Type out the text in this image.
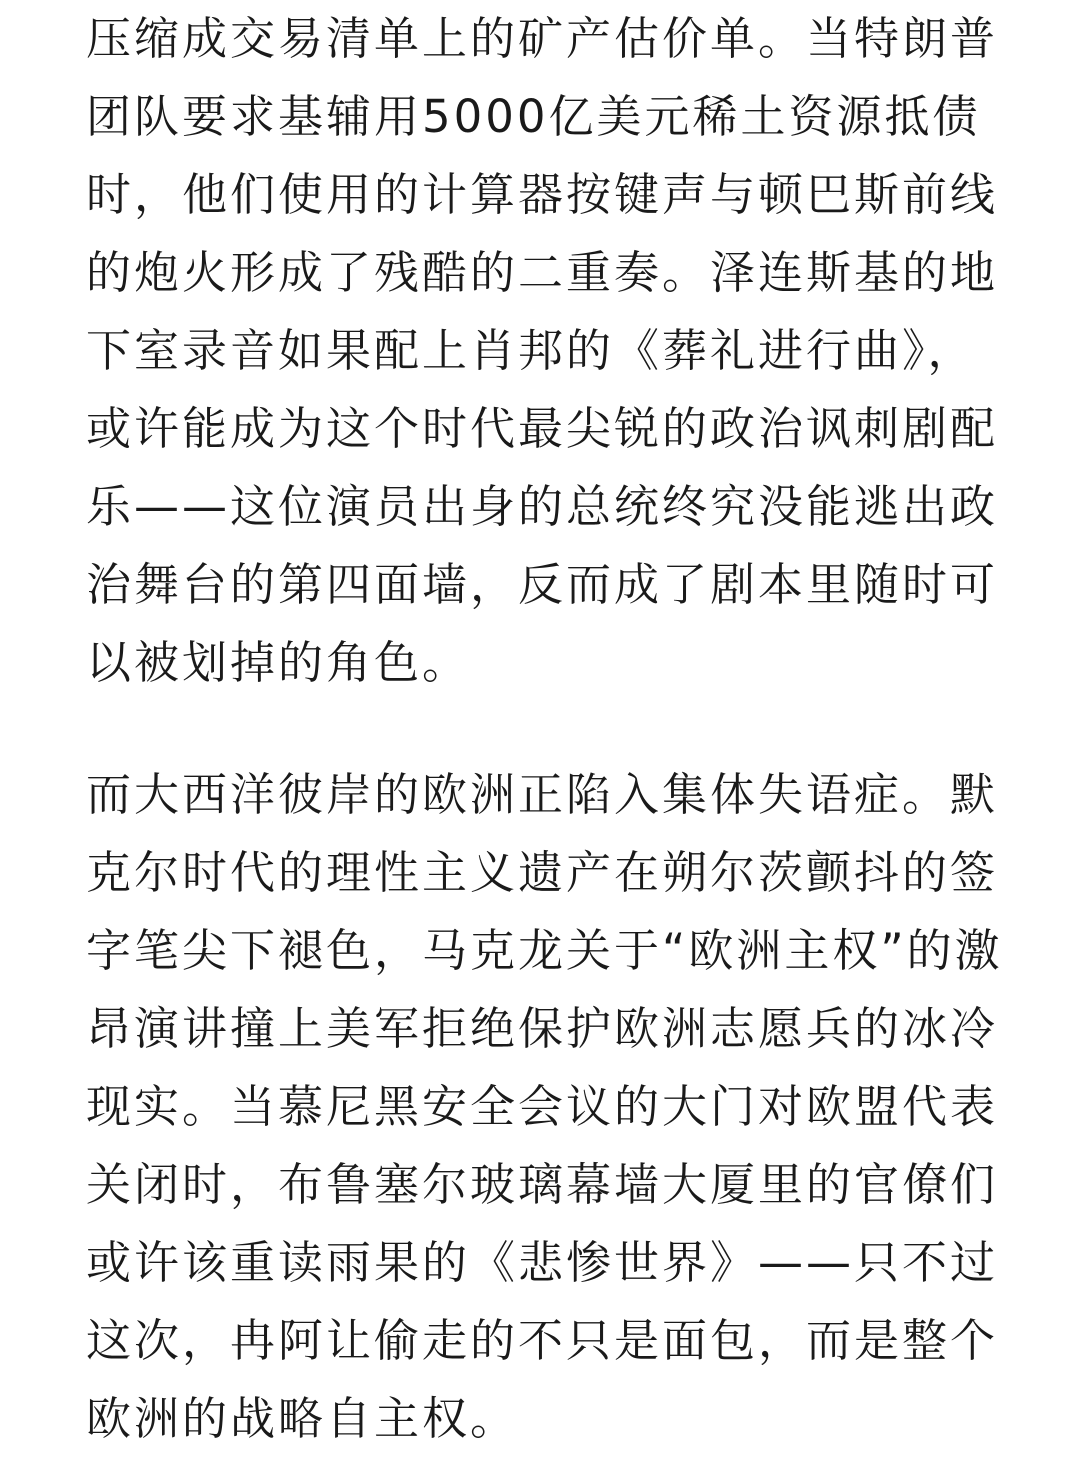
压缩成交易清单上的矿产估价单。当特朗普
团队要求基辅用5000亿美元稀土资源抵债
时，他们使用的计算器按键声与顿巴斯前线
的炮火形成了残酷的二重奏。泽连斯基的地
下室录音如果配上肖邦的《葬礼进行曲》，
或许能成为这个时代最尖锐的政治讽刺剧配
乐——这位演员出身的总统终究没能逃出政
治舞台的第四面墙，反而成了剧本里随时可
以被划掉的角色。
而大西洋彼岸的欧洲正陷入集体失语症。默
克尔时代的理性主义遗产在朔尔茨颤抖的签
字笔尖下褪色，马克龙关于“欧洲主权”的激
昂演讲撞上美军拒绝保护欧洲志愿兵的冰冷
现实。当慕尼黑安全会议的大门对欧盟代表
关闭时，布鲁塞尔玻璃幕墙大厦里的官僚们
或许该重读雨果的《悲惨世界》——只不过
这次，冉阿让偷走的不只是面包，而是整个
欧洲的战略自主权。
